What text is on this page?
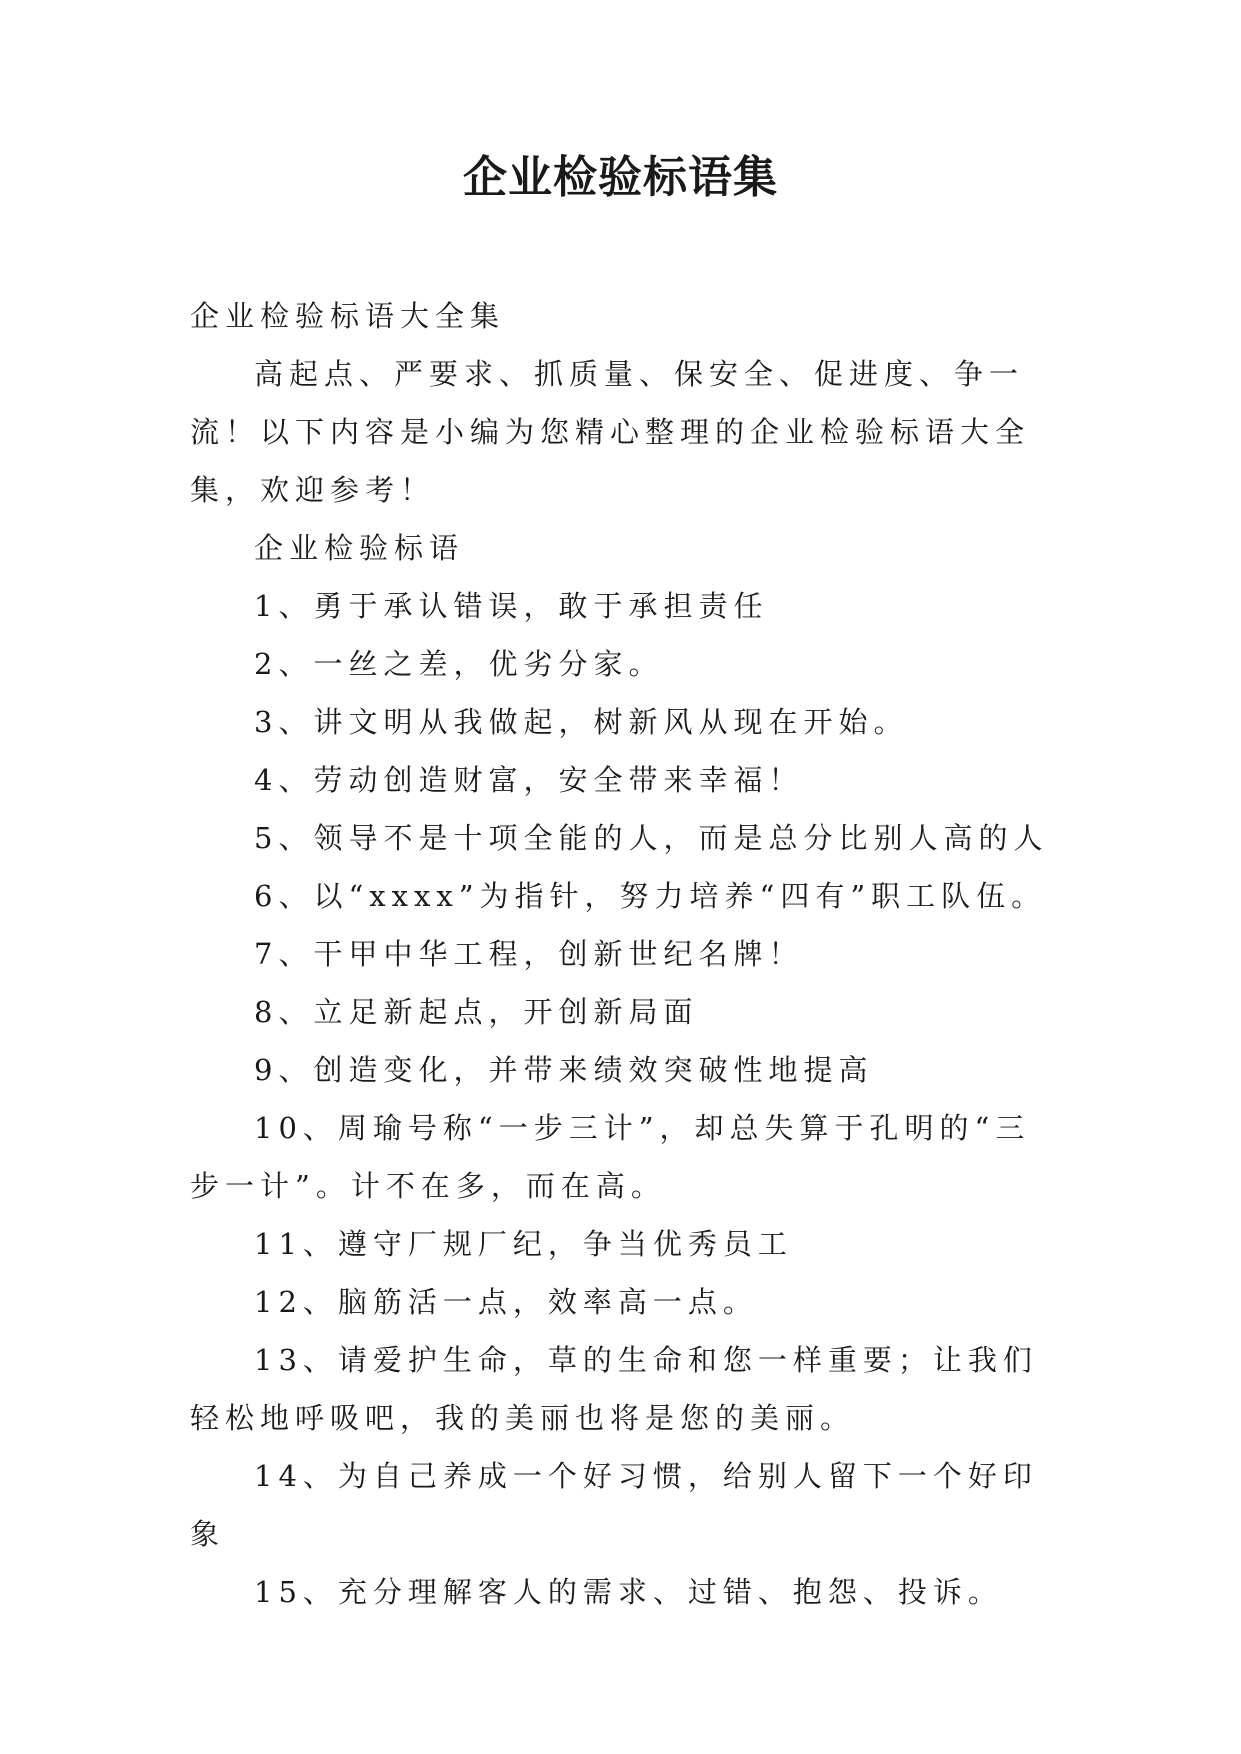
企业检验标语集

企业检验标语大全集

高起点、严要求、抓质量、保安全、促进度、争一流！以下内容是小编为您精心整理的企业检验标语大全集，欢迎参考！

企业检验标语

1、勇于承认错误，敢于承担责任

2、一丝之差，优劣分家。

3、讲文明从我做起，树新风从现在开始。

4、劳动创造财富，安全带来幸福！

5、领导不是十项全能的人，而是总分比别人高的人

6、以“xxxx”为指针，努力培养“四有”职工队伍。

7、干甲中华工程，创新世纪名牌！

8、立足新起点，开创新局面

9、创造变化，并带来绩效突破性地提高

10、周瑜号称“一步三计”，却总失算于孔明的“三步一计”。计不在多，而在高。

11、遵守厂规厂纪，争当优秀员工

12、脑筋活一点，效率高一点。

13、请爱护生命，草的生命和您一样重要；让我们轻松地呼吸吧，我的美丽也将是您的美丽。

14、为自己养成一个好习惯，给别人留下一个好印象

15、充分理解客人的需求、过错、抱怨、投诉。
